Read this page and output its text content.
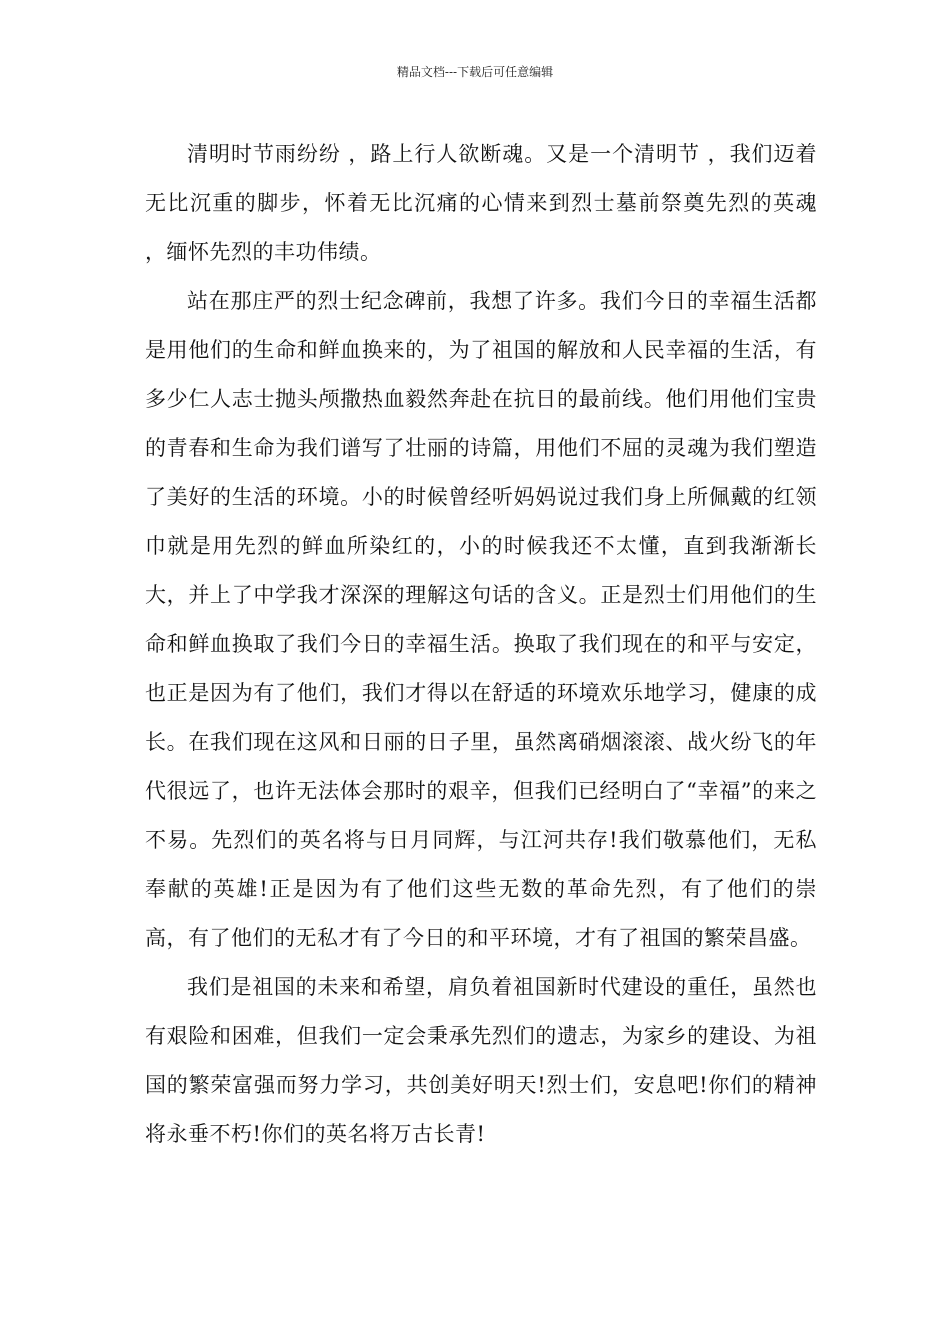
精品文档---下载后可任意编辑

清明时节雨纷纷 ，路上行人欲断魂。又是一个清明节 ，我们迈着无比沉重的脚步，怀着无比沉痛的心情来到烈士墓前祭奠先烈的英魂 ，缅怀先烈的丰功伟绩。

站在那庄严的烈士纪念碑前，我想了许多。我们今日的幸福生活都是用他们的生命和鲜血换来的，为了祖国的解放和人民幸福的生活，有多少仁人志士抛头颅撒热血毅然奔赴在抗日的最前线。他们用他们宝贵的青春和生命为我们谱写了壮丽的诗篇，用他们不屈的灵魂为我们塑造了美好的生活的环境。小的时候曾经听妈妈说过我们身上所佩戴的红领巾就是用先烈的鲜血所染红的，小的时候我还不太懂，直到我渐渐长大，并上了中学我才深深的理解这句话的含义。正是烈士们用他们的生命和鲜血换取了我们今日的幸福生活。换取了我们现在的和平与安定，也正是因为有了他们，我们才得以在舒适的环境欢乐地学习，健康的成长。在我们现在这风和日丽的日子里，虽然离硝烟滚滚、战火纷飞的年代很远了，也许无法体会那时的艰辛，但我们已经明白了“幸福”的来之不易。先烈们的英名将与日月同辉，与江河共存!我们敬慕他们，无私奉献的英雄!正是因为有了他们这些无数的革命先烈，有了他们的崇高，有了他们的无私才有了今日的和平环境，才有了祖国的繁荣昌盛。

我们是祖国的未来和希望，肩负着祖国新时代建设的重任，虽然也有艰险和困难，但我们一定会秉承先烈们的遗志，为家乡的建设、为祖国的繁荣富强而努力学习，共创美好明天!烈士们，安息吧!你们的精神将永垂不朽!你们的英名将万古长青!
